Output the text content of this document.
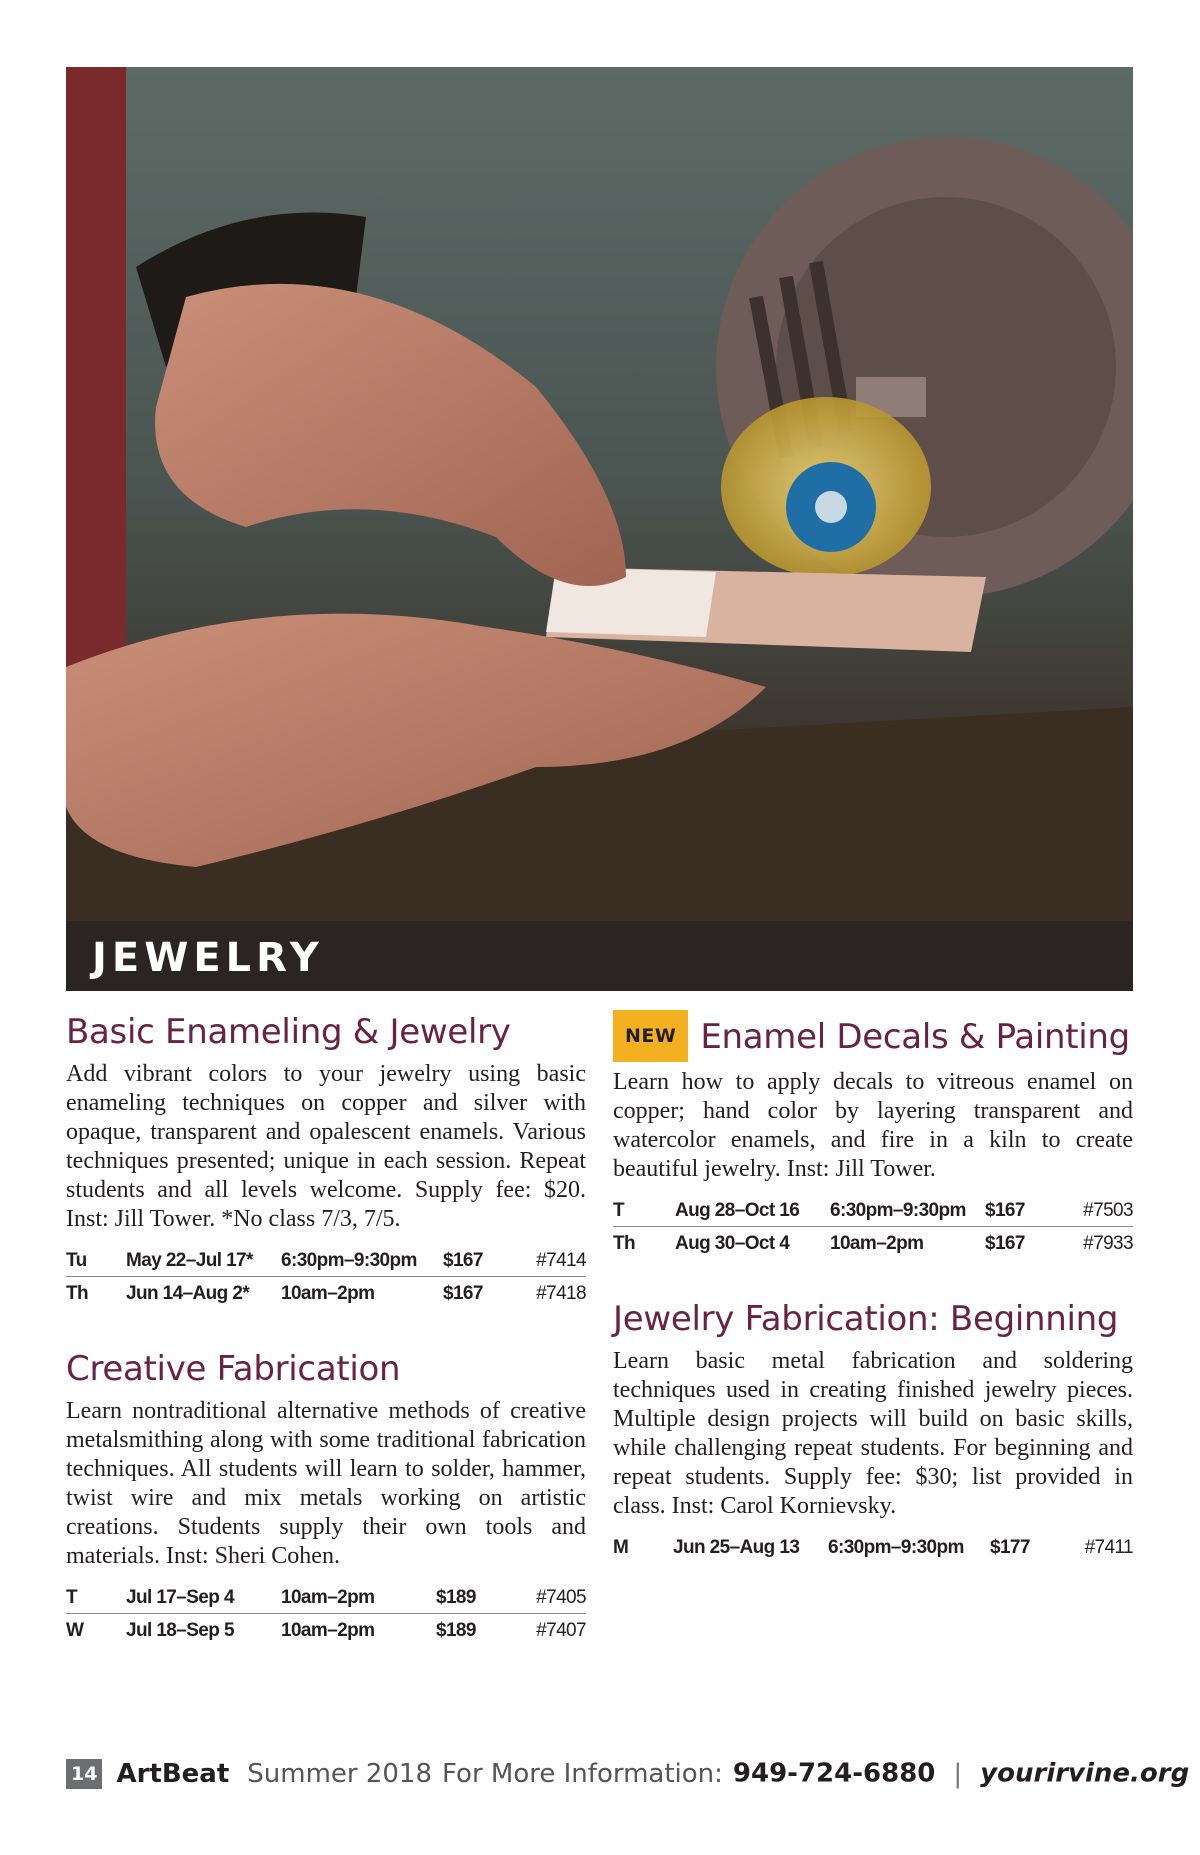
JEWELRY
Basic Enameling & Jewelry

Add vibrant colors to your jewelry using basic enameling techniques on copper and silver with opaque, transparent and opalescent enamels. Various techniques presented; unique in each session. Repeat students and all levels welcome. Supply fee: $20. Inst: Jill Tower. *No class 7/3, 7/5.

Tu	May 22–Jul 17*	6:30pm–9:30pm	$167	#7414
Th	Jun 14–Aug 2*	10am–2pm	$167	#7418
Creative Fabrication

Learn nontraditional alternative methods of creative metalsmithing along with some traditional fabrication techniques. All students will learn to solder, hammer, twist wire and mix metals working on artistic creations. Students supply their own tools and materials. Inst: Sheri Cohen.

T	Jul 17–Sep 4	10am–2pm	$189	#7405
W	Jul 18–Sep 5	10am–2pm	$189	#7407
NEW Enamel Decals & Painting

Learn how to apply decals to vitreous enamel on copper; hand color by layering transparent and watercolor enamels, and fire in a kiln to create beautiful jewelry. Inst: Jill Tower.

T	Aug 28–Oct 16	6:30pm–9:30pm	$167	#7503
Th	Aug 30–Oct 4	10am–2pm	$167	#7933
Jewelry Fabrication: Beginning

Learn basic metal fabrication and soldering techniques used in creating finished jewelry pieces. Multiple design projects will build on basic skills, while challenging repeat students. For beginning and repeat students. Supply fee: $30; list provided in class. Inst: Carol Kornievsky.

M	Jun 25–Aug 13	6:30pm–9:30pm	$177	#7411
14 ArtBeat Summer 2018 For More Information: 949-724-6880 | yourirvine.org
